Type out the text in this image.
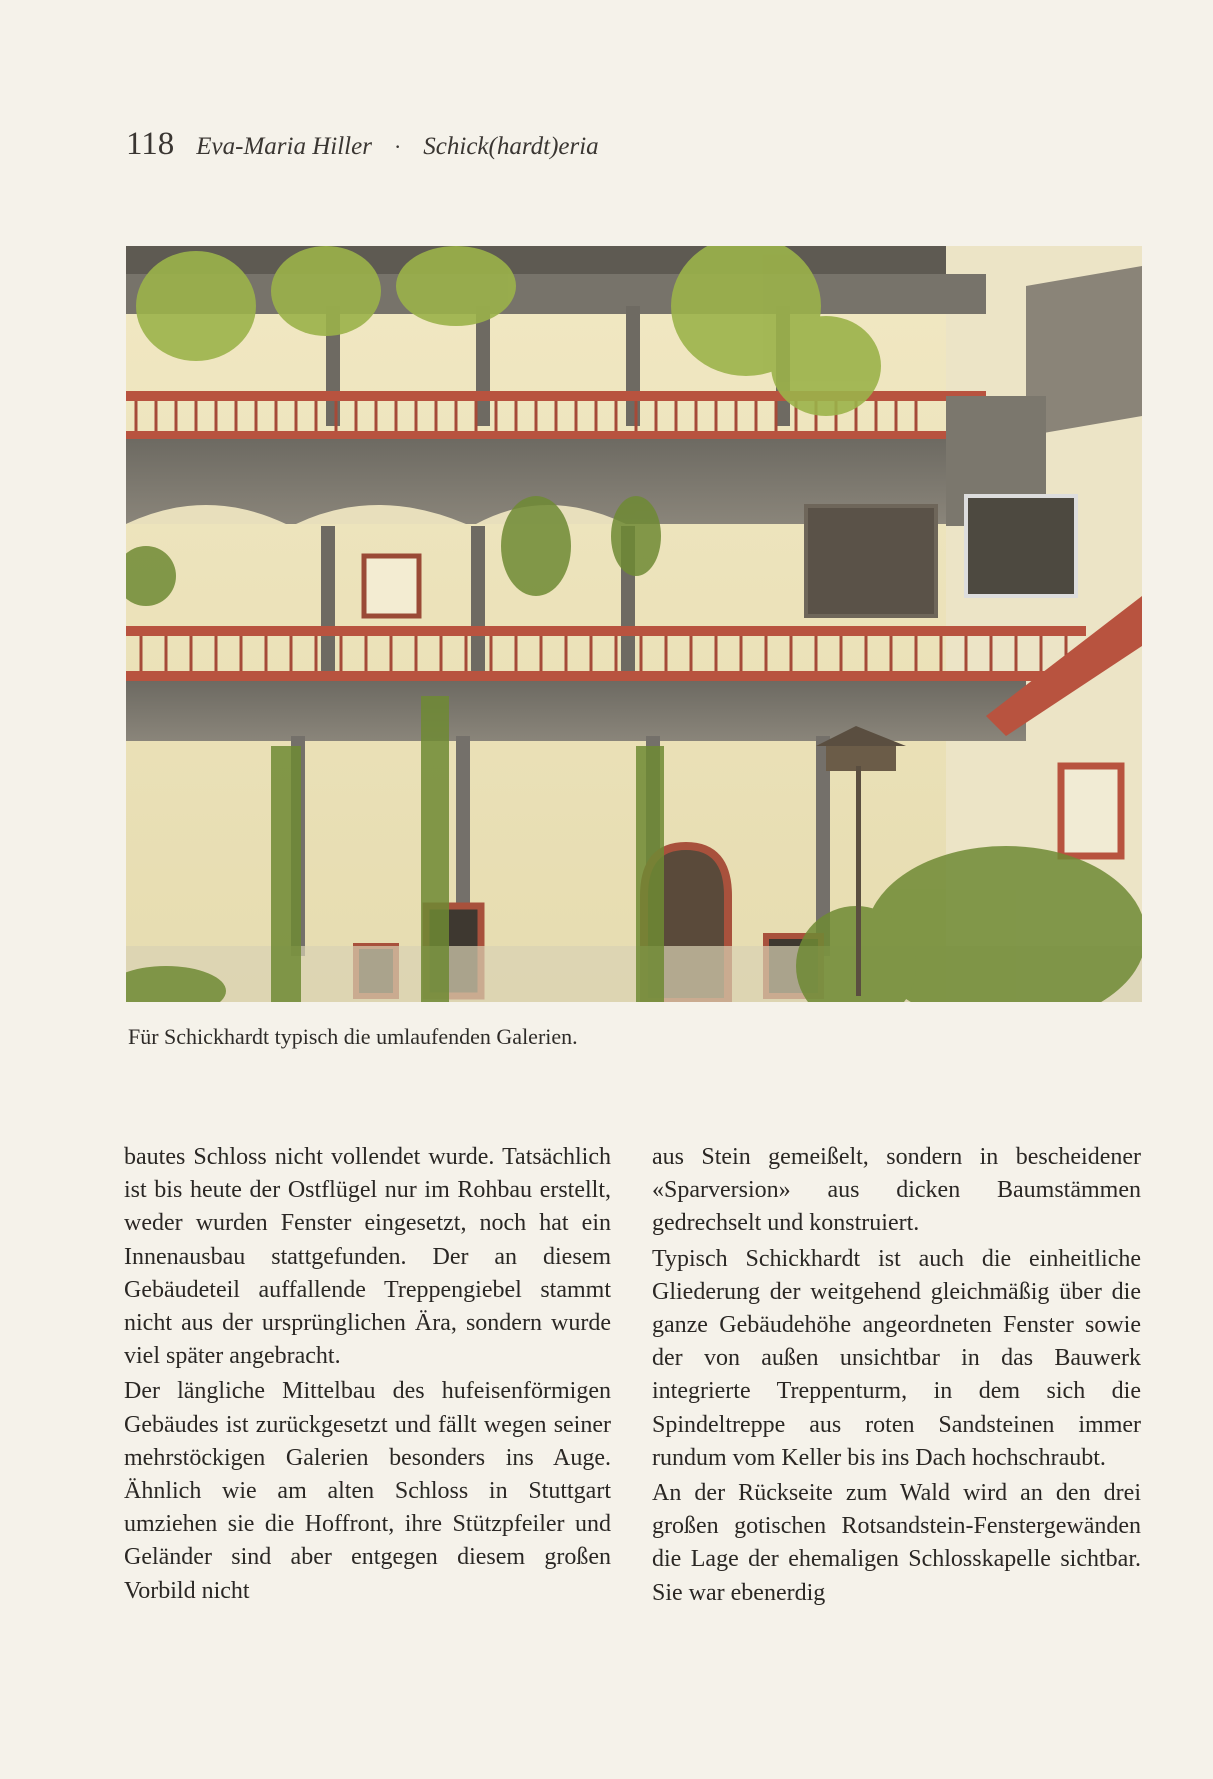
118 Eva-Maria Hiller · Schick(hardt)eria
Für Schickhardt typisch die umlaufenden Galerien.

bautes Schloss nicht vollendet wurde. Tatsächlich ist bis heute der Ostflügel nur im Rohbau erstellt, weder wurden Fenster eingesetzt, noch hat ein Innenausbau stattgefunden. Der an diesem Gebäudeteil auffallende Treppengiebel stammt nicht aus der ursprünglichen Ära, sondern wurde viel später angebracht.

Der längliche Mittelbau des hufeisenförmigen Gebäudes ist zurückgesetzt und fällt wegen seiner mehrstöckigen Galerien besonders ins Auge. Ähnlich wie am alten Schloss in Stuttgart umziehen sie die Hoffront, ihre Stützpfeiler und Geländer sind aber entgegen diesem großen Vorbild nicht

aus Stein gemeißelt, sondern in bescheidener «Sparversion» aus dicken Baumstämmen gedrechselt und konstruiert.

Typisch Schickhardt ist auch die einheitliche Gliederung der weitgehend gleichmäßig über die ganze Gebäudehöhe angeordneten Fenster sowie der von außen unsichtbar in das Bauwerk integrierte Treppenturm, in dem sich die Spindeltreppe aus roten Sandsteinen immer rundum vom Keller bis ins Dach hochschraubt.

An der Rückseite zum Wald wird an den drei großen gotischen Rotsandstein-Fenstergewänden die Lage der ehemaligen Schlosskapelle sichtbar. Sie war ebenerdig
